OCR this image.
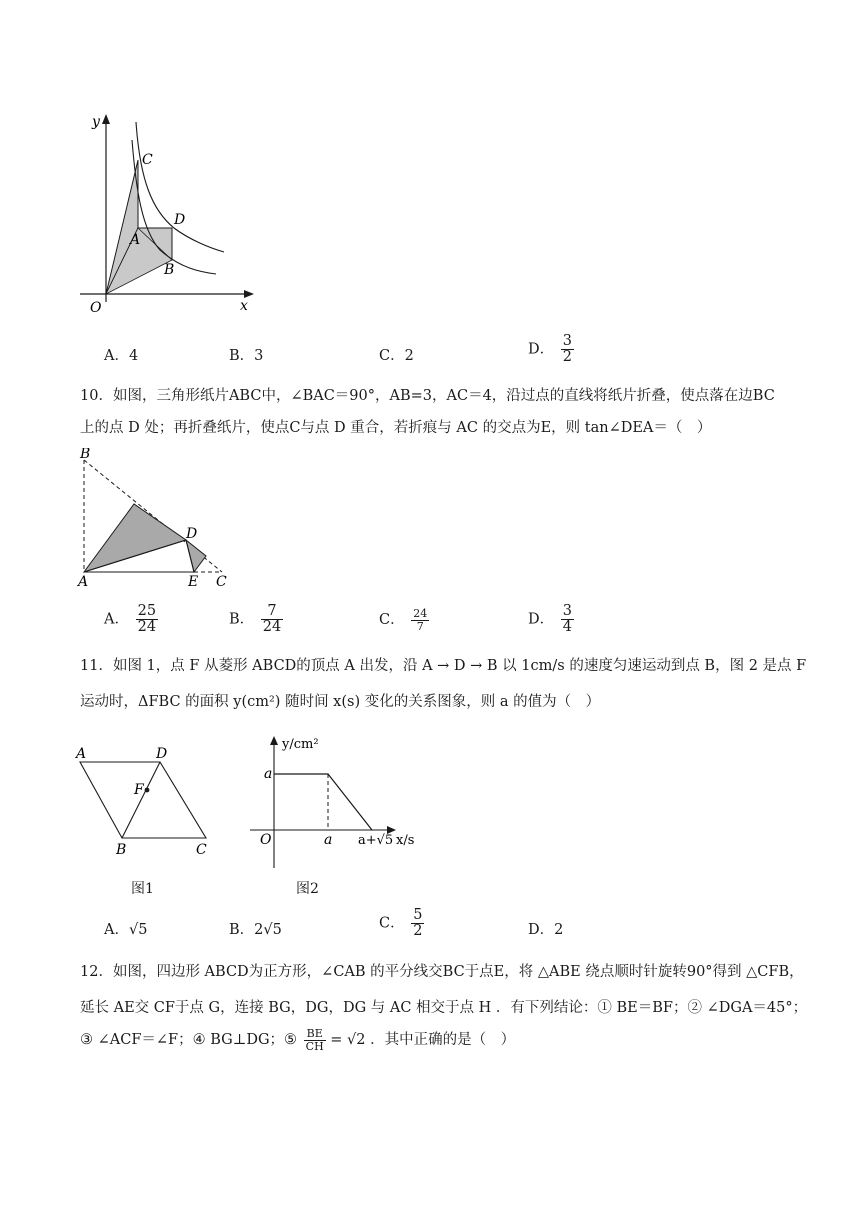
y
x
O
C
D
A
B
A．4	B．3	C．2	D． $\frac{3}{2}$
10．如图，三角形纸片ABC中，∠BAC＝90°，AB=3，AC＝4，沿过点的直线将纸片折叠，使点落在边BC
上的点 D 处；再折叠纸片，使点C与点 D 重合，若折痕与 AC 的交点为E，则 tan∠DEA＝（　）
B
D
A	E C
A． $\frac{25}{24}$	B． $\frac{7}{24}$	C． $\frac{24}{7}$	D． $\frac{3}{4}$
11．如图 1，点 F 从菱形 ABCD的顶点 A 出发，沿 A → D → B 以 1cm/s 的速度匀速运动到点 B，图 2 是点 F
运动时，ΔFBC 的面积 y(cm²) 随时间 x(s) 变化的关系图象，则 a 的值为（　）
A	D
F
B	C
图1
y/cm²
a
O	a a+√5 x/s
图2
A．√5	B．2√5	C． $\frac{5}{2}$	D．2
12．如图，四边形 ABCD为正方形，∠CAB 的平分线交BC于点E，将 △ABE 绕点顺时针旋转90°得到 △CFB，
延长 AE交 CF于点 G，连接 BG，DG，DG 与 AC 相交于点 H ．有下列结论：① BE＝BF；② ∠DGA＝45°；
③ ∠ACF＝∠F；④ BG⊥DG；⑤ $\frac{BE}{CH} = √2$ ．其中正确的是（　）
